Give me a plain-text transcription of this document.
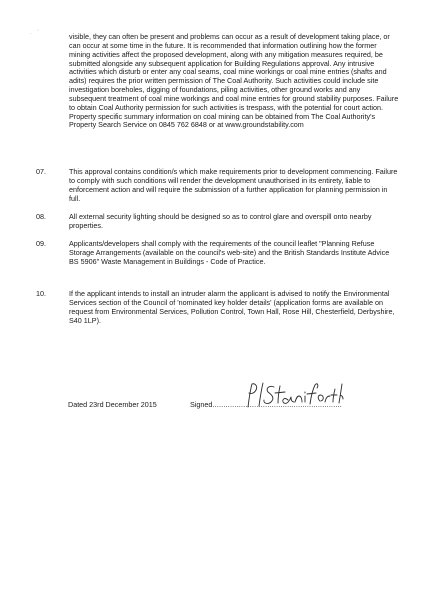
. '	visible, they can often be present and problems can occur as a result of development taking place, or can occur at some time in the future. It is recommended that information outlining how the former mining activities affect the proposed development, along with any mitigation measures required, be submitted alongside any subsequent application for Building Regulations approval. Any intrusive activities which disturb or enter any coal seams, coal mine workings or coal mine entries (shafts and adits) requires the prior written permission of The Coal Authority. Such activities could include site investigation boreholes, digging of foundations, piling activities, other ground works and any subsequent treatment of coal mine workings and coal mine entries for ground stability purposes. Failure to obtain Coal Authority permission for such activities is trespass, with the potential for court action. Property specific summary information on coal mining can be obtained from The Coal Authority's Property Search Service on 0845 762 6848 or at www.groundstability.com

07.	This approval contains condition/s which make requirements prior to development commencing. Failure to comply with such conditions will render the development unauthorised in its entirety, liable to enforcement action and will require the submission of a further application for planning permission in full.

08.	All external security lighting should be designed so as to control glare and overspill onto nearby properties.

09.	Applicants/developers shall comply with the requirements of the council leaflet "Planning Refuse Storage Arrangements (available on the council's web-site) and the British Standards Institute Advice BS 5906" Waste Management in Buildings - Code of Practice.

10.	If the applicant intends to install an intruder alarm the applicant is advised to notify the Environmental Services section of the Council of 'nominated key holder details' (application forms are available on request from Environmental Services, Pollution Control, Town Hall, Rose Hill, Chesterfield, Derbyshire, S40 1LP).

Dated 23rd December 2015	Signed...........................................................
